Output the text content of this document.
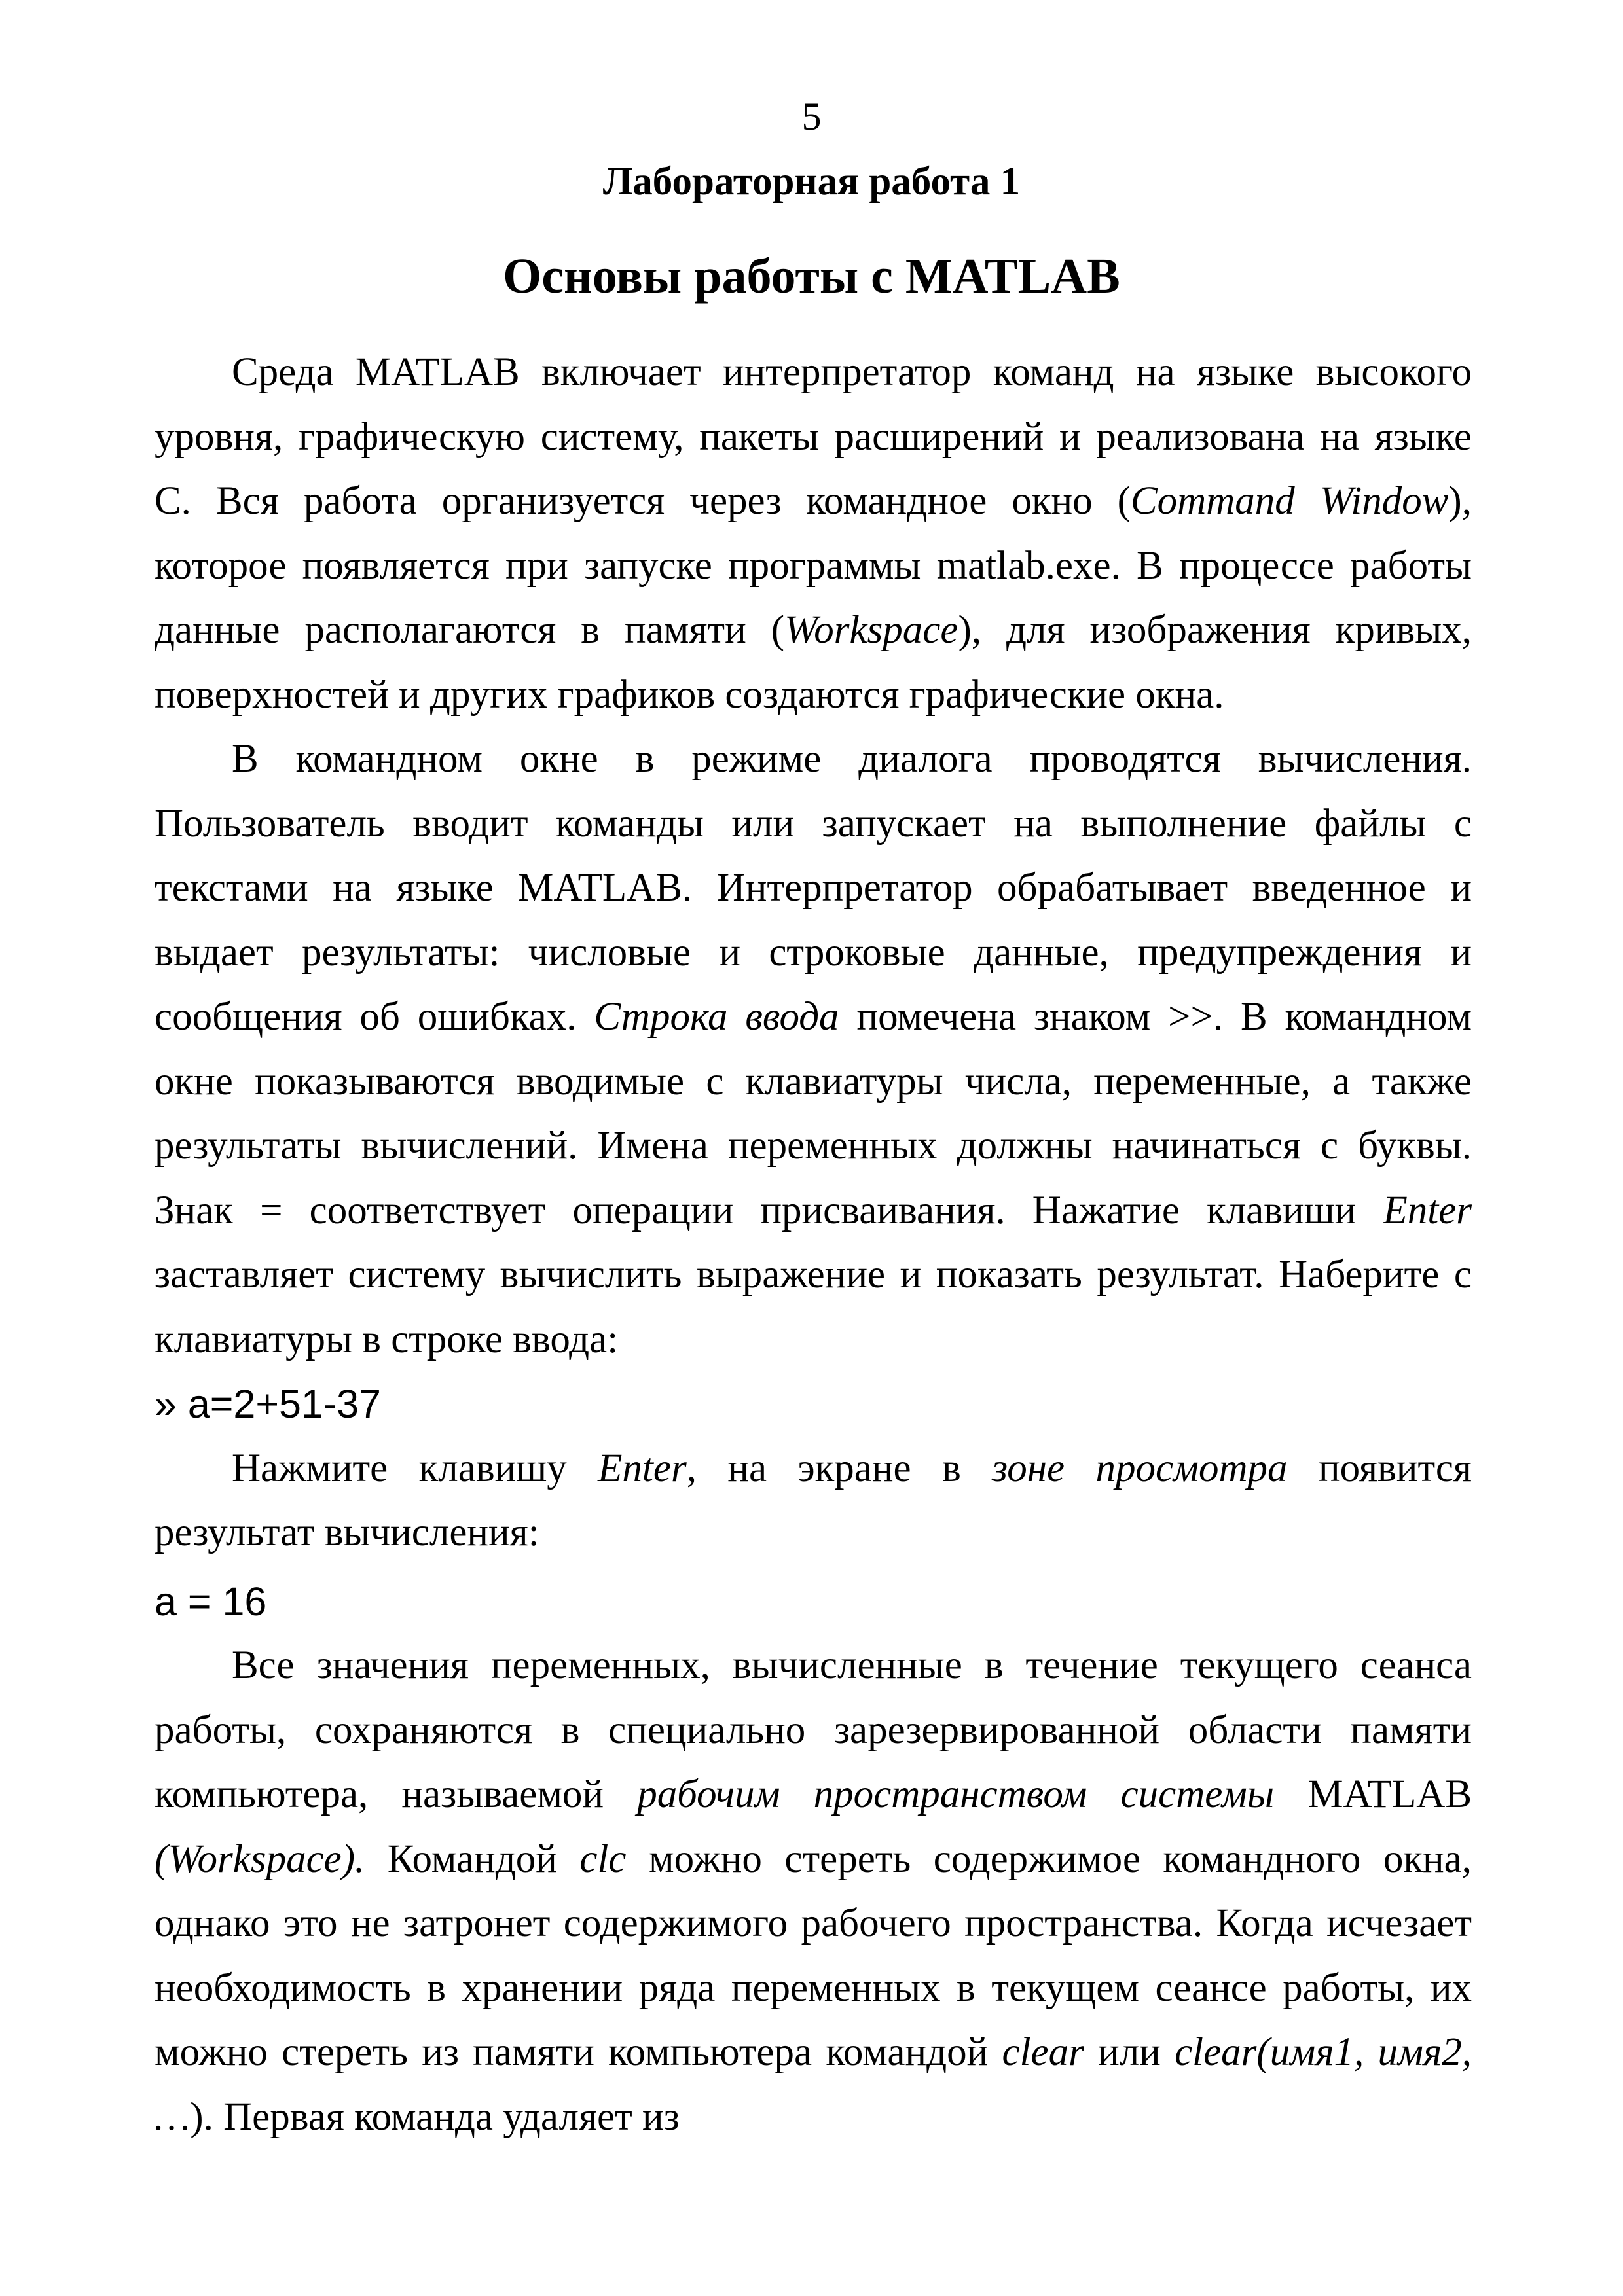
5

Лабораторная работа 1
Основы работы с MATLAB

Среда MATLAB включает интерпретатор команд на языке высокого уровня, графическую систему, пакеты расширений и реализована на языке С. Вся работа организуется через командное окно (Command Window), которое появляется при запуске программы matlab.exe. В процессе работы данные располагаются в памяти (Workspace), для изображения кривых, поверхностей и других графиков создаются графические окна.

В командном окне в режиме диалога проводятся вычисления. Пользователь вводит команды или запускает на выполнение файлы с текстами на языке MATLAB. Интерпретатор обрабатывает введенное и выдает результаты: числовые и строковые данные, предупреждения и сообщения об ошибках. Строка ввода помечена знаком >>. В командном окне показываются вводимые с клавиатуры числа, переменные, а также результаты вычислений. Имена переменных должны начинаться с буквы. Знак = соответствует операции присваивания. Нажатие клавиши Enter заставляет систему вычислить выражение и показать результат. Наберите с клавиатуры в строке ввода:

» a=2+51-37

Нажмите клавишу Enter, на экране в зоне просмотра появится результат вычисления:

a = 16

Все значения переменных, вычисленные в течение текущего сеанса работы, сохраняются в специально зарезервированной области памяти компьютера, называемой рабочим пространством системы MATLAB (Workspace). Командой clc можно стереть содержимое командного окна, однако это не затронет содержимого рабочего пространства. Когда исчезает необходимость в хранении ряда переменных в текущем сеансе работы, их можно стереть из памяти компьютера командой clear или clear(имя1, имя2, …). Первая команда удаляет из
